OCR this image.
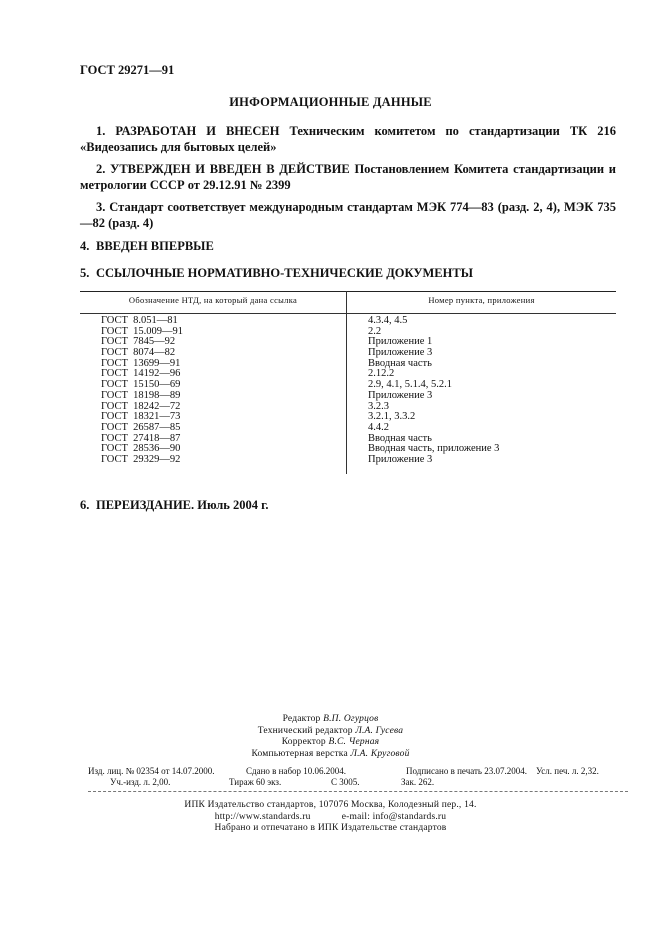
ГОСТ 29271—91
ИНФОРМАЦИОННЫЕ ДАННЫЕ
1. РАЗРАБОТАН И ВНЕСЕН Техническим комитетом по стандартизации ТК 216 «Видеозапись для бытовых целей»
2. УТВЕРЖДЕН И ВВЕДЕН В ДЕЙСТВИЕ Постановлением Комитета стандартизации и метрологии СССР от 29.12.91 № 2399
3. Стандарт соответствует международным стандартам МЭК 774—83 (разд. 2, 4), МЭК 735—82 (разд. 4)
4. ВВЕДЕН ВПЕРВЫЕ
5. ССЫЛОЧНЫЕ НОРМАТИВНО-ТЕХНИЧЕСКИЕ ДОКУМЕНТЫ
Обозначение НТД, на который дана ссылка	Номер пункта, приложения
ГОСТ  8.051—81	4.3.4, 4.5
ГОСТ  15.009—91	2.2
ГОСТ  7845—92	Приложение 1
ГОСТ  8074—82	Приложение 3
ГОСТ  13699—91	Вводная часть
ГОСТ  14192—96	2.12.2
ГОСТ  15150—69	2.9, 4.1, 5.1.4, 5.2.1
ГОСТ  18198—89	Приложение 3
ГОСТ  18242—72	3.2.3
ГОСТ  18321—73	3.2.1, 3.3.2
ГОСТ  26587—85	4.4.2
ГОСТ  27418—87	Вводная часть
ГОСТ  28536—90	Вводная часть, приложение 3
ГОСТ  29329—92	Приложение 3
6. ПЕРЕИЗДАНИЕ. Июль 2004 г.
Редактор В.П. Огурцов
Технический редактор Л.А. Гусева
Корректор В.С. Черная
Компьютерная верстка Л.А. Круговой
Изд. лиц. № 02354 от 14.07.2000.	Сдано в набор 10.06.2004.	Подписано в печать 23.07.2004. Усл. печ. л. 2,32.
Уч.-изд. л. 2,00.	Тираж 60 экз.	С 3005.	Зак. 262.
ИПК Издательство стандартов, 107076 Москва, Колодезный пер., 14.
http://www.standards.ru	e-mail: info@standards.ru
Набрано и отпечатано в ИПК Издательстве стандартов
